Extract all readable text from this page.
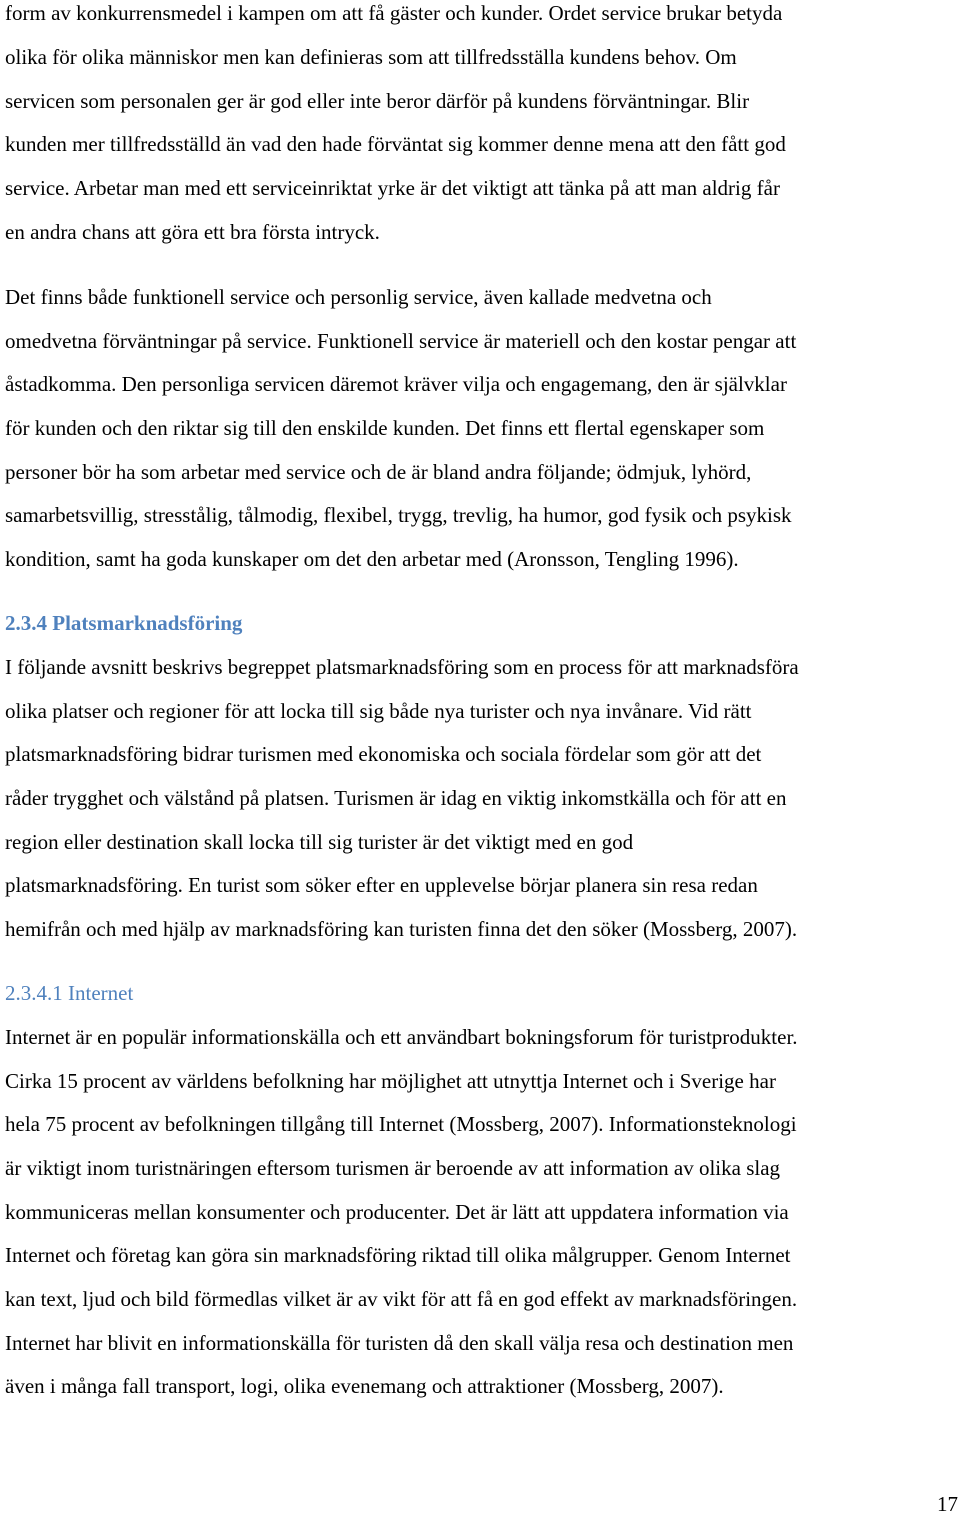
form av konkurrensmedel i kampen om att få gäster och kunder. Ordet service brukar betyda
olika för olika människor men kan definieras som att tillfredsställa kundens behov. Om
servicen som personalen ger är god eller inte beror därför på kundens förväntningar. Blir
kunden mer tillfredsställd än vad den hade förväntat sig kommer denne mena att den fått god
service. Arbetar man med ett serviceinriktat yrke är det viktigt att tänka på att man aldrig får
en andra chans att göra ett bra första intryck.
Det finns både funktionell service och personlig service, även kallade medvetna och
omedvetna förväntningar på service. Funktionell service är materiell och den kostar pengar att
åstadkomma. Den personliga servicen däremot kräver vilja och engagemang, den är självklar
för kunden och den riktar sig till den enskilde kunden. Det finns ett flertal egenskaper som
personer bör ha som arbetar med service och de är bland andra följande; ödmjuk, lyhörd,
samarbetsvillig, stresstålig, tålmodig, flexibel, trygg, trevlig, ha humor, god fysik och psykisk
kondition, samt ha goda kunskaper om det den arbetar med (Aronsson, Tengling 1996).
2.3.4 Platsmarknadsföring
I följande avsnitt beskrivs begreppet platsmarknadsföring som en process för att marknadsföra
olika platser och regioner för att locka till sig både nya turister och nya invånare. Vid rätt
platsmarknadsföring bidrar turismen med ekonomiska och sociala fördelar som gör att det
råder trygghet och välstånd på platsen. Turismen är idag en viktig inkomstkälla och för att en
region eller destination skall locka till sig turister är det viktigt med en god
platsmarknadsföring. En turist som söker efter en upplevelse börjar planera sin resa redan
hemifrån och med hjälp av marknadsföring kan turisten finna det den söker (Mossberg, 2007).
2.3.4.1 Internet
Internet är en populär informationskälla och ett användbart bokningsforum för turistprodukter.
Cirka 15 procent av världens befolkning har möjlighet att utnyttja Internet och i Sverige har
hela 75 procent av befolkningen tillgång till Internet (Mossberg, 2007). Informationsteknologi
är viktigt inom turistnäringen eftersom turismen är beroende av att information av olika slag
kommuniceras mellan konsumenter och producenter. Det är lätt att uppdatera information via
Internet och företag kan göra sin marknadsföring riktad till olika målgrupper. Genom Internet
kan text, ljud och bild förmedlas vilket är av vikt för att få en god effekt av marknadsföringen.
Internet har blivit en informationskälla för turisten då den skall välja resa och destination men
även i många fall transport, logi, olika evenemang och attraktioner (Mossberg, 2007).
17
